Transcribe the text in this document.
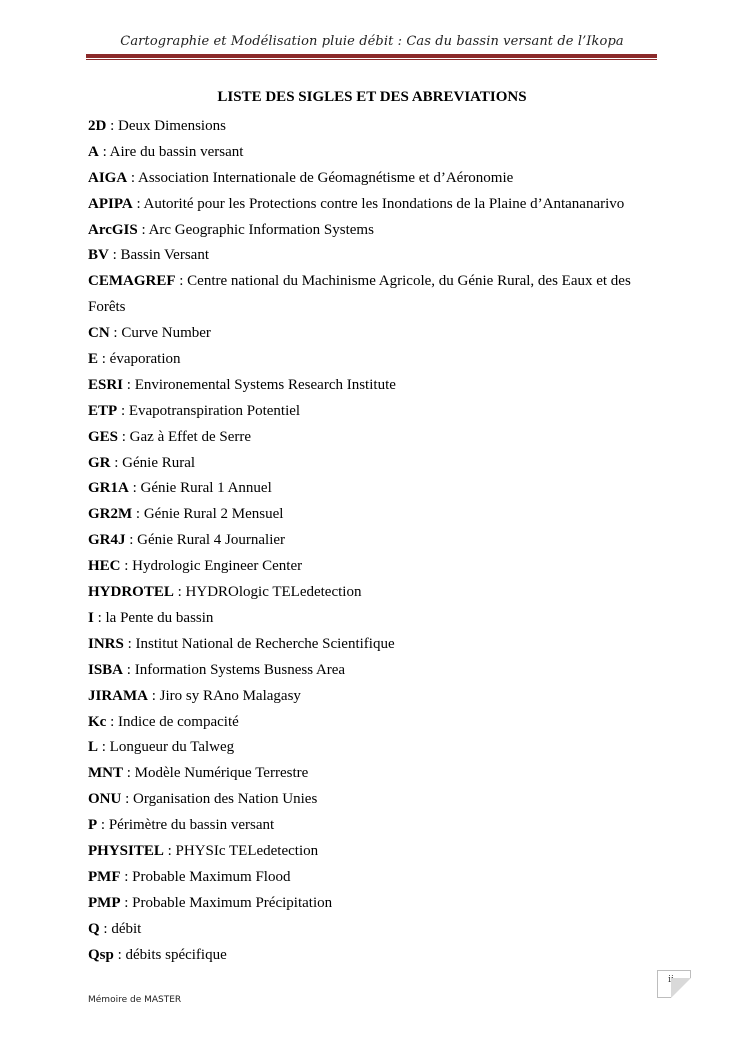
Cartographie et Modélisation pluie débit : Cas du bassin versant de l’Ikopa
LISTE DES SIGLES ET DES ABREVIATIONS
2D : Deux Dimensions
A : Aire du bassin versant
AIGA : Association Internationale de Géomagnétisme et d’Aéronomie
APIPA : Autorité pour les Protections contre les Inondations de la Plaine d’Antananarivo
ArcGIS : Arc Geographic Information Systems
BV : Bassin Versant
CEMAGREF : Centre national du Machinisme Agricole, du Génie Rural, des Eaux et des
Forêts
CN : Curve Number
E : évaporation
ESRI : Environemental Systems Research Institute
ETP : Evapotranspiration Potentiel
GES : Gaz à Effet de Serre
GR : Génie Rural
GR1A : Génie Rural 1 Annuel
GR2M : Génie Rural 2 Mensuel
GR4J : Génie Rural 4 Journalier
HEC : Hydrologic Engineer Center
HYDROTEL : HYDROlogic TELedetection
I : la Pente du bassin
INRS : Institut National de Recherche Scientifique
ISBA : Information Systems Busness Area
JIRAMA : Jiro sy RAno Malagasy
Kc : Indice de compacité
L : Longueur du Talweg
MNT : Modèle Numérique Terrestre
ONU : Organisation des Nation Unies
P : Périmètre du bassin versant
PHYSITEL : PHYSIc TELedetection
PMF : Probable Maximum Flood
PMP : Probable Maximum Précipitation
Q : débit
Qsp : débits spécifique
ii
Mémoire de MASTER
